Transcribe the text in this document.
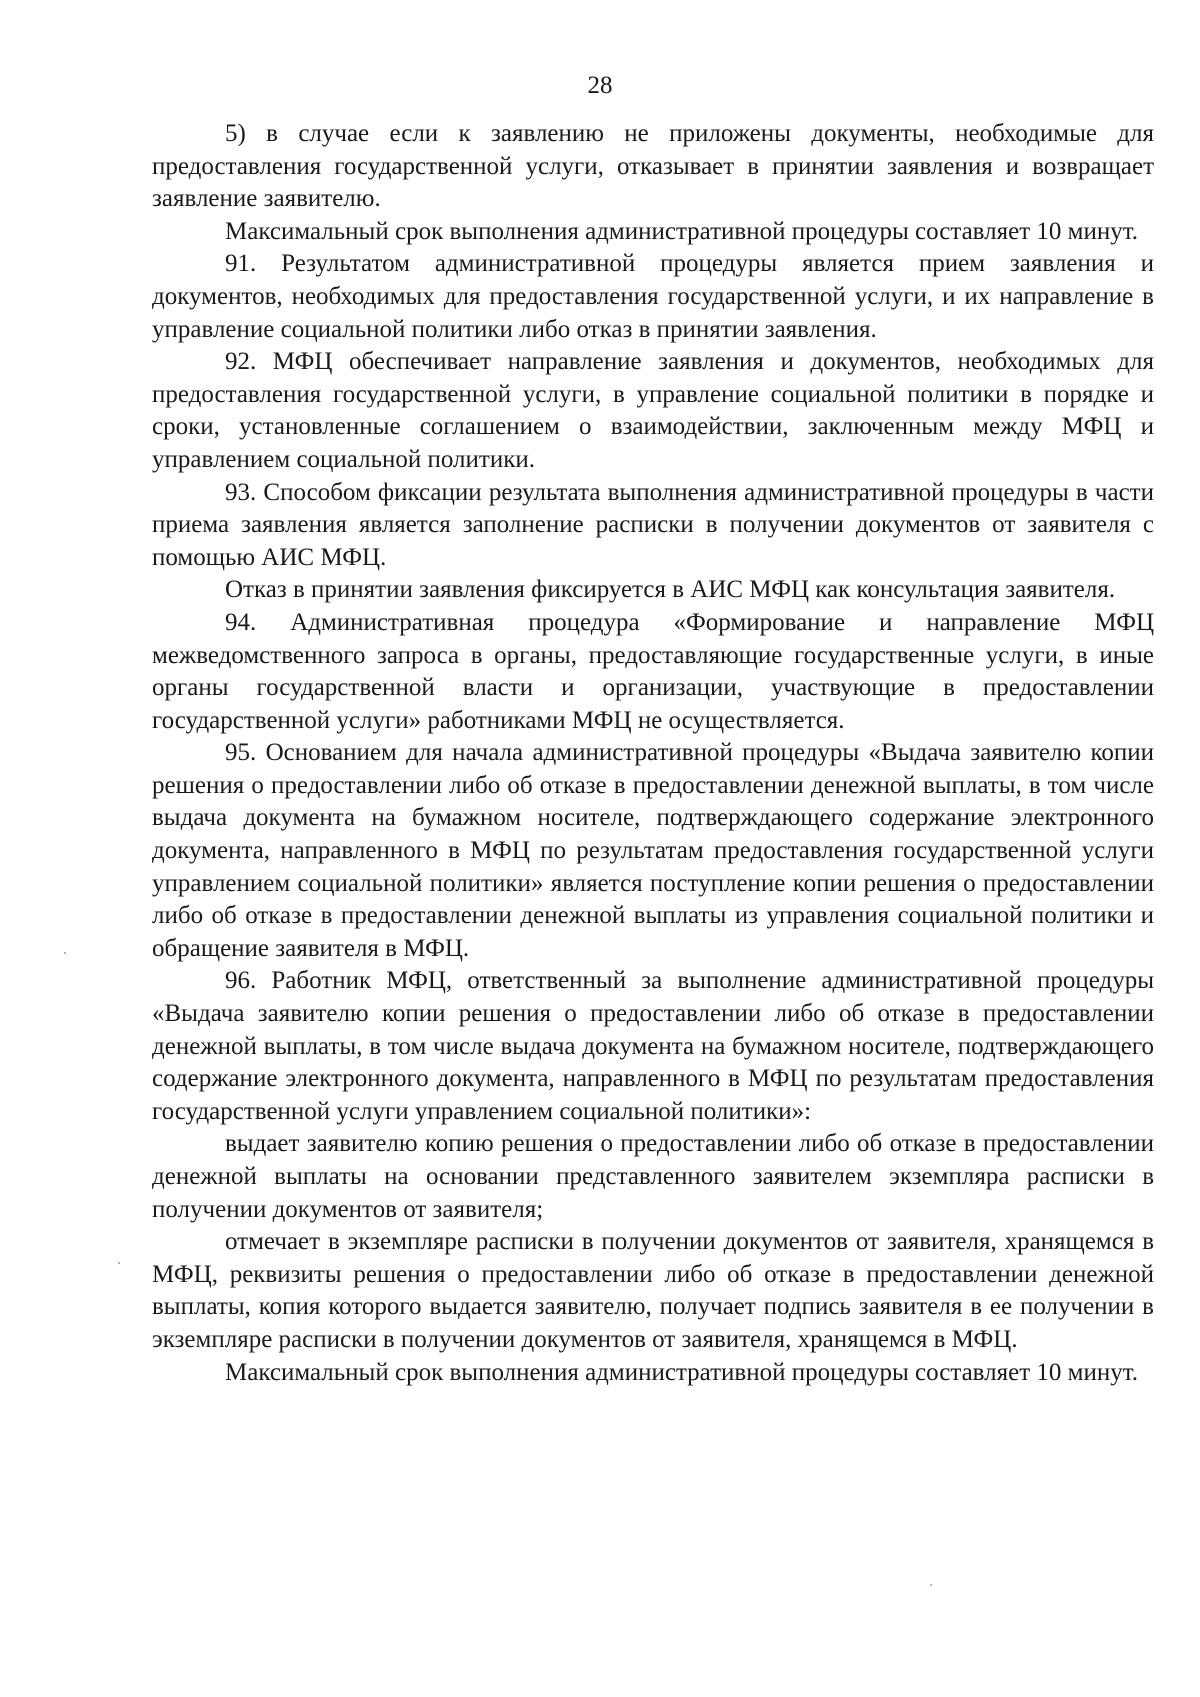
28

5) в случае если к заявлению не приложены документы, необходимые для предоставления государственной услуги, отказывает в принятии заявления и возвращает заявление заявителю.

Максимальный срок выполнения административной процедуры составляет 10 минут.

91. Результатом административной процедуры является прием заявления и документов, необходимых для предоставления государственной услуги, и их направление в управление социальной политики либо отказ в принятии заявления.

92. МФЦ обеспечивает направление заявления и документов, необходимых для предоставления государственной услуги, в управление социальной политики в порядке и сроки, установленные соглашением о взаимодействии, заключенным между МФЦ и управлением социальной политики.

93. Способом фиксации результата выполнения административной процедуры в части приема заявления является заполнение расписки в получении документов от заявителя с помощью АИС МФЦ.

Отказ в принятии заявления фиксируется в АИС МФЦ как консультация заявителя.

94. Административная процедура «Формирование и направление МФЦ межведомственного запроса в органы, предоставляющие государственные услуги, в иные органы государственной власти и организации, участвующие в предоставлении государственной услуги» работниками МФЦ не осуществляется.

95. Основанием для начала административной процедуры «Выдача заявителю копии решения о предоставлении либо об отказе в предоставлении денежной выплаты, в том числе выдача документа на бумажном носителе, подтверждающего содержание электронного документа, направленного в МФЦ по результатам предоставления государственной услуги управлением социальной политики» является поступление копии решения о предоставлении либо об отказе в предоставлении денежной выплаты из управления социальной политики и обращение заявителя в МФЦ.

96. Работник МФЦ, ответственный за выполнение административной процедуры «Выдача заявителю копии решения о предоставлении либо об отказе в предоставлении денежной выплаты, в том числе выдача документа на бумажном носителе, подтверждающего содержание электронного документа, направленного в МФЦ по результатам предоставления государственной услуги управлением социальной политики»:

выдает заявителю копию решения о предоставлении либо об отказе в предоставлении денежной выплаты на основании представленного заявителем экземпляра расписки в получении документов от заявителя;

отмечает в экземпляре расписки в получении документов от заявителя, хранящемся в МФЦ, реквизиты решения о предоставлении либо об отказе в предоставлении денежной выплаты, копия которого выдается заявителю, получает подпись заявителя в ее получении в экземпляре расписки в получении документов от заявителя, хранящемся в МФЦ.

Максимальный срок выполнения административной процедуры составляет 10 минут.
